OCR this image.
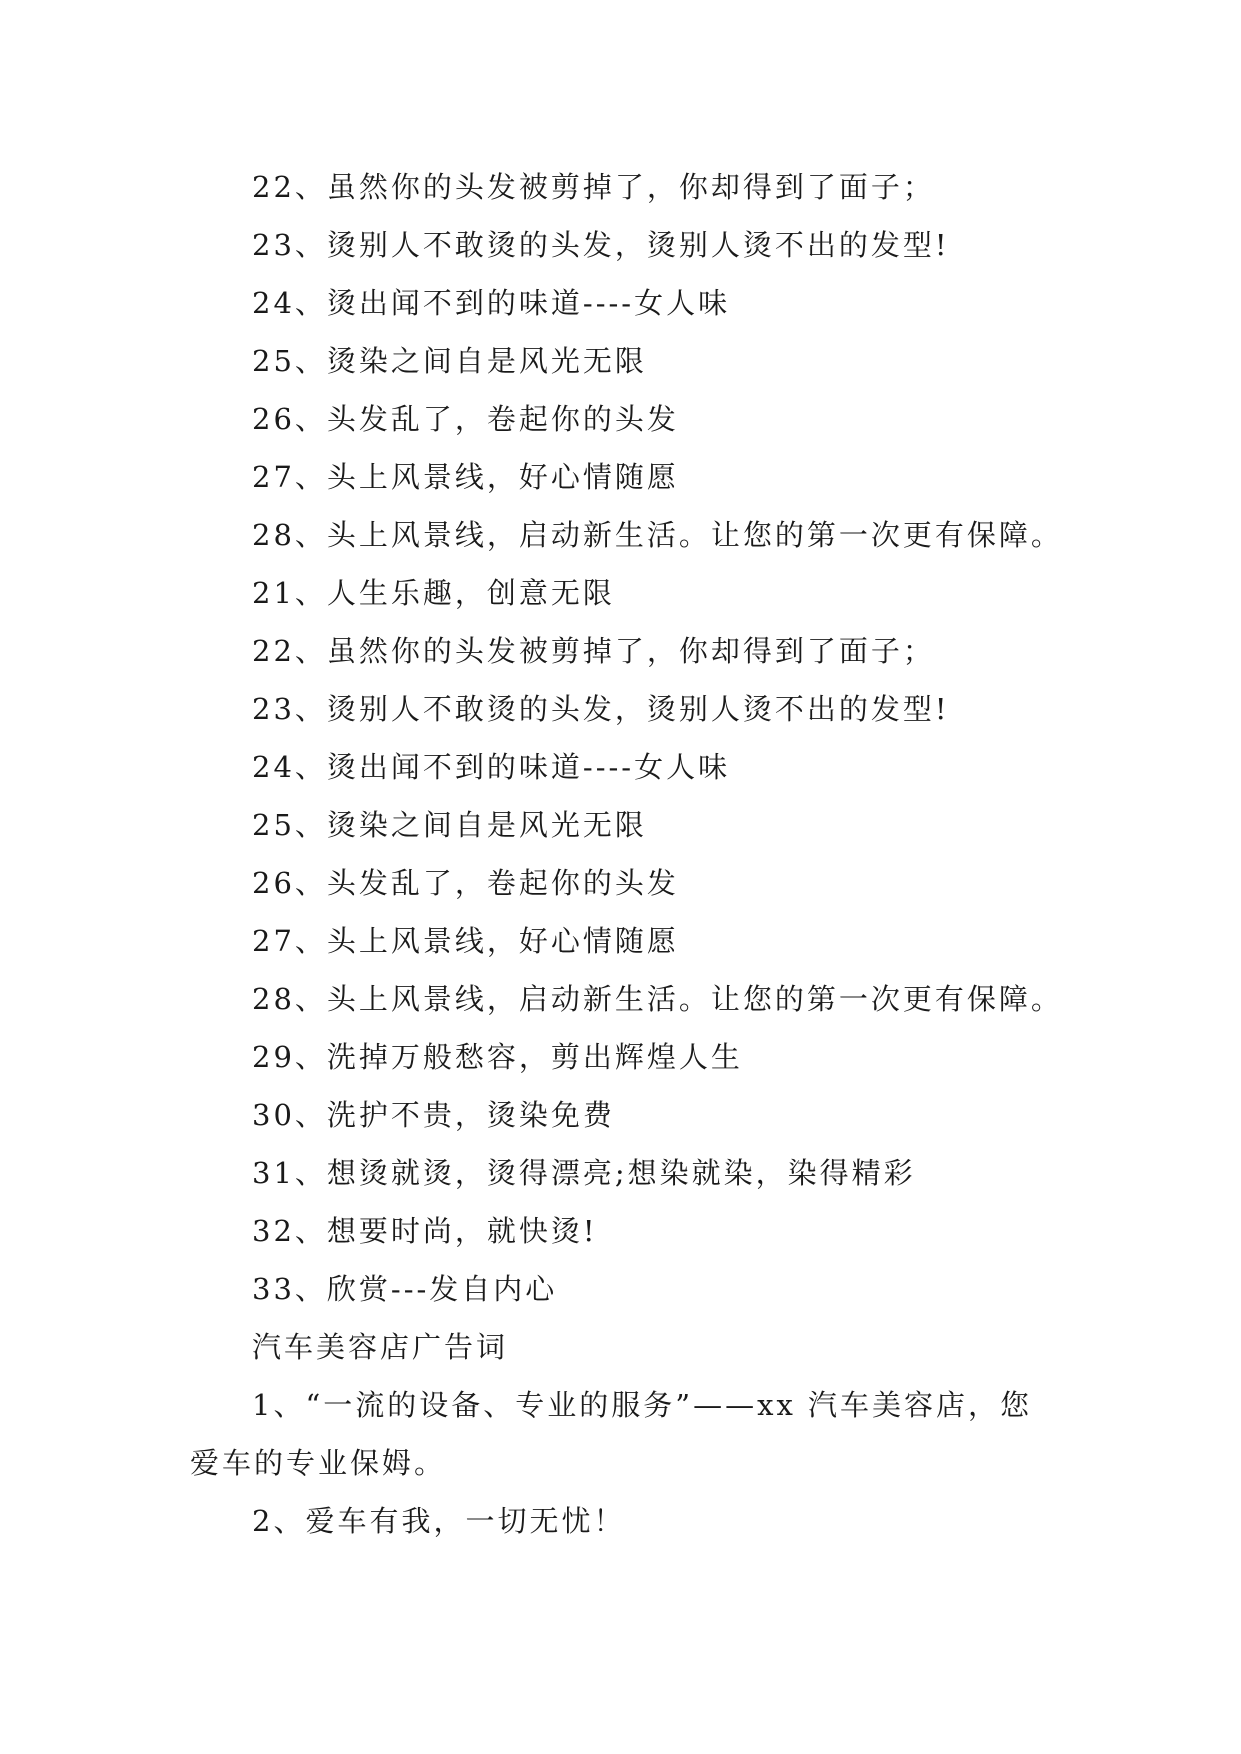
22、虽然你的头发被剪掉了，你却得到了面子；

23、烫别人不敢烫的头发，烫别人烫不出的发型!

24、烫出闻不到的味道----女人味

25、烫染之间自是风光无限

26、头发乱了，卷起你的头发

27、头上风景线，好心情随愿

28、头上风景线，启动新生活。让您的第一次更有保障。

21、人生乐趣，创意无限

22、虽然你的头发被剪掉了，你却得到了面子；

23、烫别人不敢烫的头发，烫别人烫不出的发型!

24、烫出闻不到的味道----女人味

25、烫染之间自是风光无限

26、头发乱了，卷起你的头发

27、头上风景线，好心情随愿

28、头上风景线，启动新生活。让您的第一次更有保障。

29、洗掉万般愁容，剪出辉煌人生

30、洗护不贵，烫染免费

31、想烫就烫，烫得漂亮;想染就染，染得精彩

32、想要时尚，就快烫!

33、欣赏---发自内心

汽车美容店广告词

1、“一流的设备、专业的服务”——xx 汽车美容店，您爱车的专业保姆。

2、爱车有我，一切无忧！
